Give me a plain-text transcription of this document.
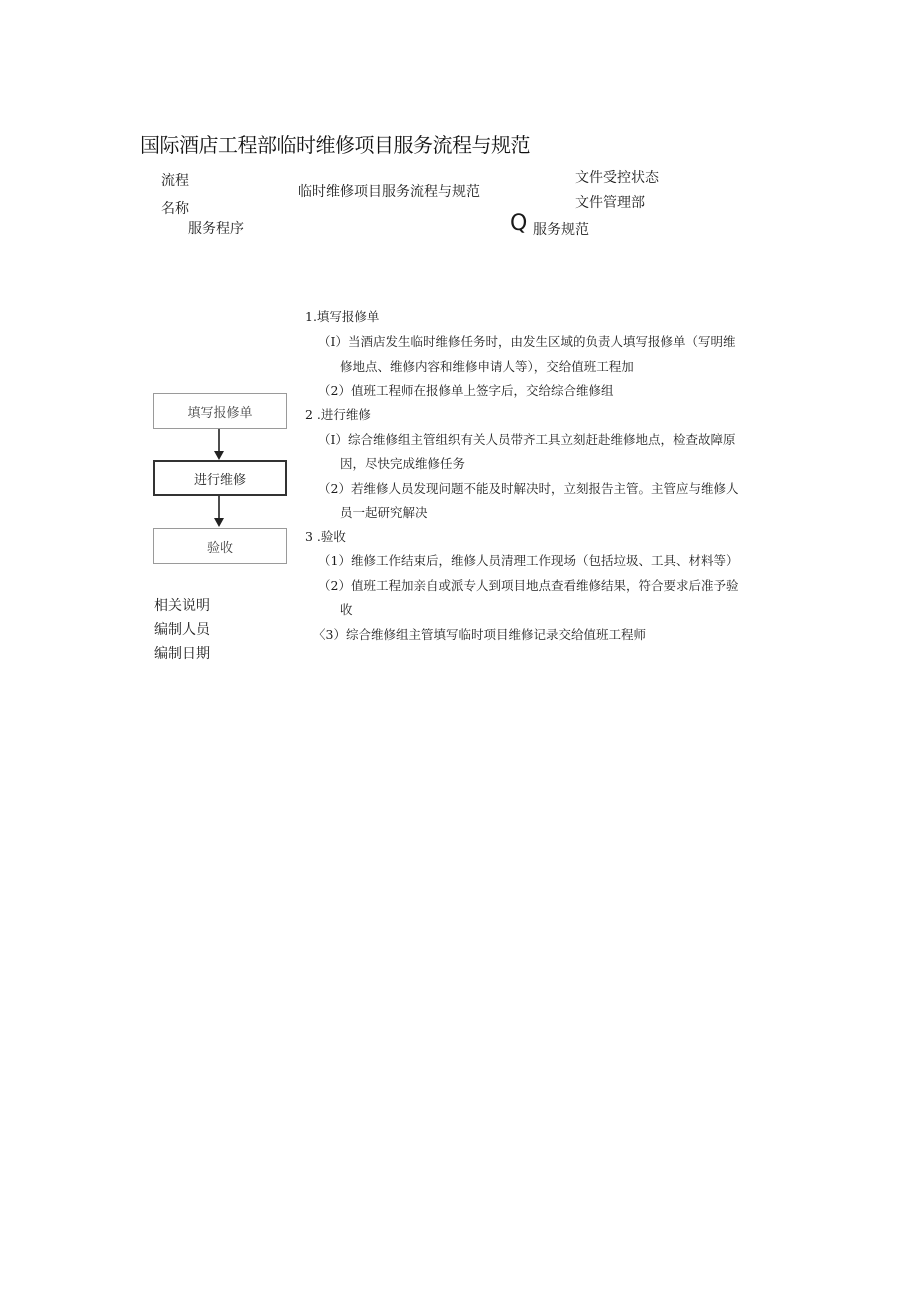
国际酒店工程部临时维修项目服务流程与规范
流程
名称
临时维修项目服务流程与规范
文件受控状态
文件管理部
服务程序	Q 服务规范
填写报修单
进行维修
验收
1.填写报修单
（I）当酒店发生临时维修任务时，由发生区域的负责人填写报修单（写明维
修地点、维修内容和维修申请人等），交给值班工程加
（2）值班工程师在报修单上签字后，交给综合维修组
2 .进行维修
（I）综合维修组主管组织有关人员带齐工具立刻赶赴维修地点，检查故障原
因，尽快完成维修任务
（2）若维修人员发现问题不能及时解决时，立刻报告主管。主管应与维修人
员一起研究解决
3 .验收
（1）维修工作结束后，维修人员清理工作现场（包括垃圾、工具、材料等）
（2）值班工程加亲自或派专人到项目地点查看维修结果，符合要求后准予验
收
〈3）综合维修组主管填写临时项目维修记录交给值班工程师
相关说明
编制人员
编制日期
